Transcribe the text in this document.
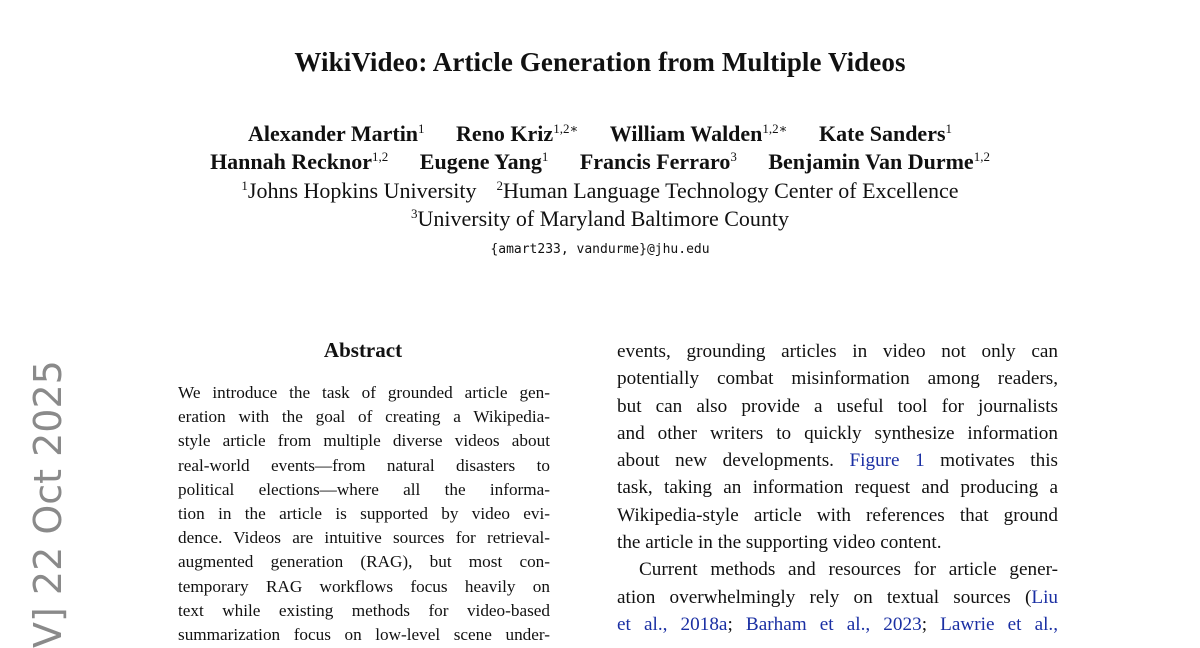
V] 22 Oct 2025
WikiVideo: Article Generation from Multiple Videos
Alexander Martin$^1$ Reno Kriz$^{1,2∗}$ William Walden$^{1,2∗}$ Kate Sanders$^1$
Hannah Recknor$^{1,2}$ Eugene Yang$^1$ Francis Ferraro$^3$ Benjamin Van Durme$^{1,2}$
$^1$Johns Hopkins University $^2$Human Language Technology Center of Excellence
$^3$University of Maryland Baltimore County
{amart233, vandurme}@jhu.edu
Abstract
We introduce the task of grounded article gen-
eration with the goal of creating a Wikipedia-
style article from multiple diverse videos about
real-world events—from natural disasters to
political elections—where all the informa-
tion in the article is supported by video evi-
dence. Videos are intuitive sources for retrieval-
augmented generation (RAG), but most con-
temporary RAG workflows focus heavily on
text while existing methods for video-based
summarization focus on low-level scene under-
events, grounding articles in video not only can
potentially combat misinformation among readers,
but can also provide a useful tool for journalists
and other writers to quickly synthesize information
about new developments. Figure 1 motivates this
task, taking an information request and producing a
Wikipedia-style article with references that ground
the article in the supporting video content.
Current methods and resources for article gener-
ation overwhelmingly rely on textual sources (Liu
et al., 2018a; Barham et al., 2023; Lawrie et al.,
